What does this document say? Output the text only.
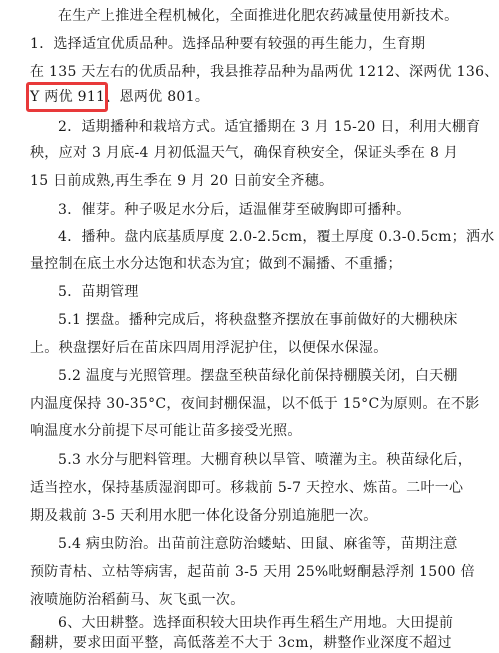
在生产上推进全程机械化，全面推进化肥农药减量使用新技术。
1．选择适宜优质品种。选择品种要有较强的再生能力，生育期
在 135 天左右的优质品种，我县推荐品种为晶两优 1212、深两优 136、
Y 两优 911、恩两优 801。
2．适期播种和栽培方式。适宜播期在 3 月 15-20 日，利用大棚育
秧，应对 3 月底-4 月初低温天气，确保育秧安全，保证头季在 8 月
15 日前成熟,再生季在 9 月 20 日前安全齐穗。
3．催芽。种子吸足水分后，适温催芽至破胸即可播种。
4．播种。盘内底基质厚度 2.0-2.5cm，覆土厚度 0.3-0.5cm；洒水
量控制在底土水分达饱和状态为宜；做到不漏播、不重播；
5．苗期管理
5.1 摆盘。播种完成后，将秧盘整齐摆放在事前做好的大棚秧床
上。秧盘摆好后在苗床四周用浮泥护住，以便保水保湿。
5.2 温度与光照管理。摆盘至秧苗绿化前保持棚膜关闭，白天棚
内温度保持 30-35°C，夜间封棚保温，以不低于 15°C为原则。在不影
响温度水分前提下尽可能让苗多接受光照。
5.3 水分与肥料管理。大棚育秧以旱管、喷灌为主。秧苗绿化后，
适当控水，保持基质湿润即可。移栽前 5-7 天控水、炼苗。二叶一心
期及栽前 3-5 天利用水肥一体化设备分别追施肥一次。
5.4 病虫防治。出苗前注意防治蝼蛄、田鼠、麻雀等，苗期注意
预防青枯、立枯等病害，起苗前 3-5 天用 25%吡蚜酮悬浮剂 1500 倍
液喷施防治稻蓟马、灰飞虱一次。
6、大田耕整。选择面积较大田块作再生稻生产用地。大田提前
翻耕，要求田面平整，高低落差不大于 3cm，耕整作业深度不超过
